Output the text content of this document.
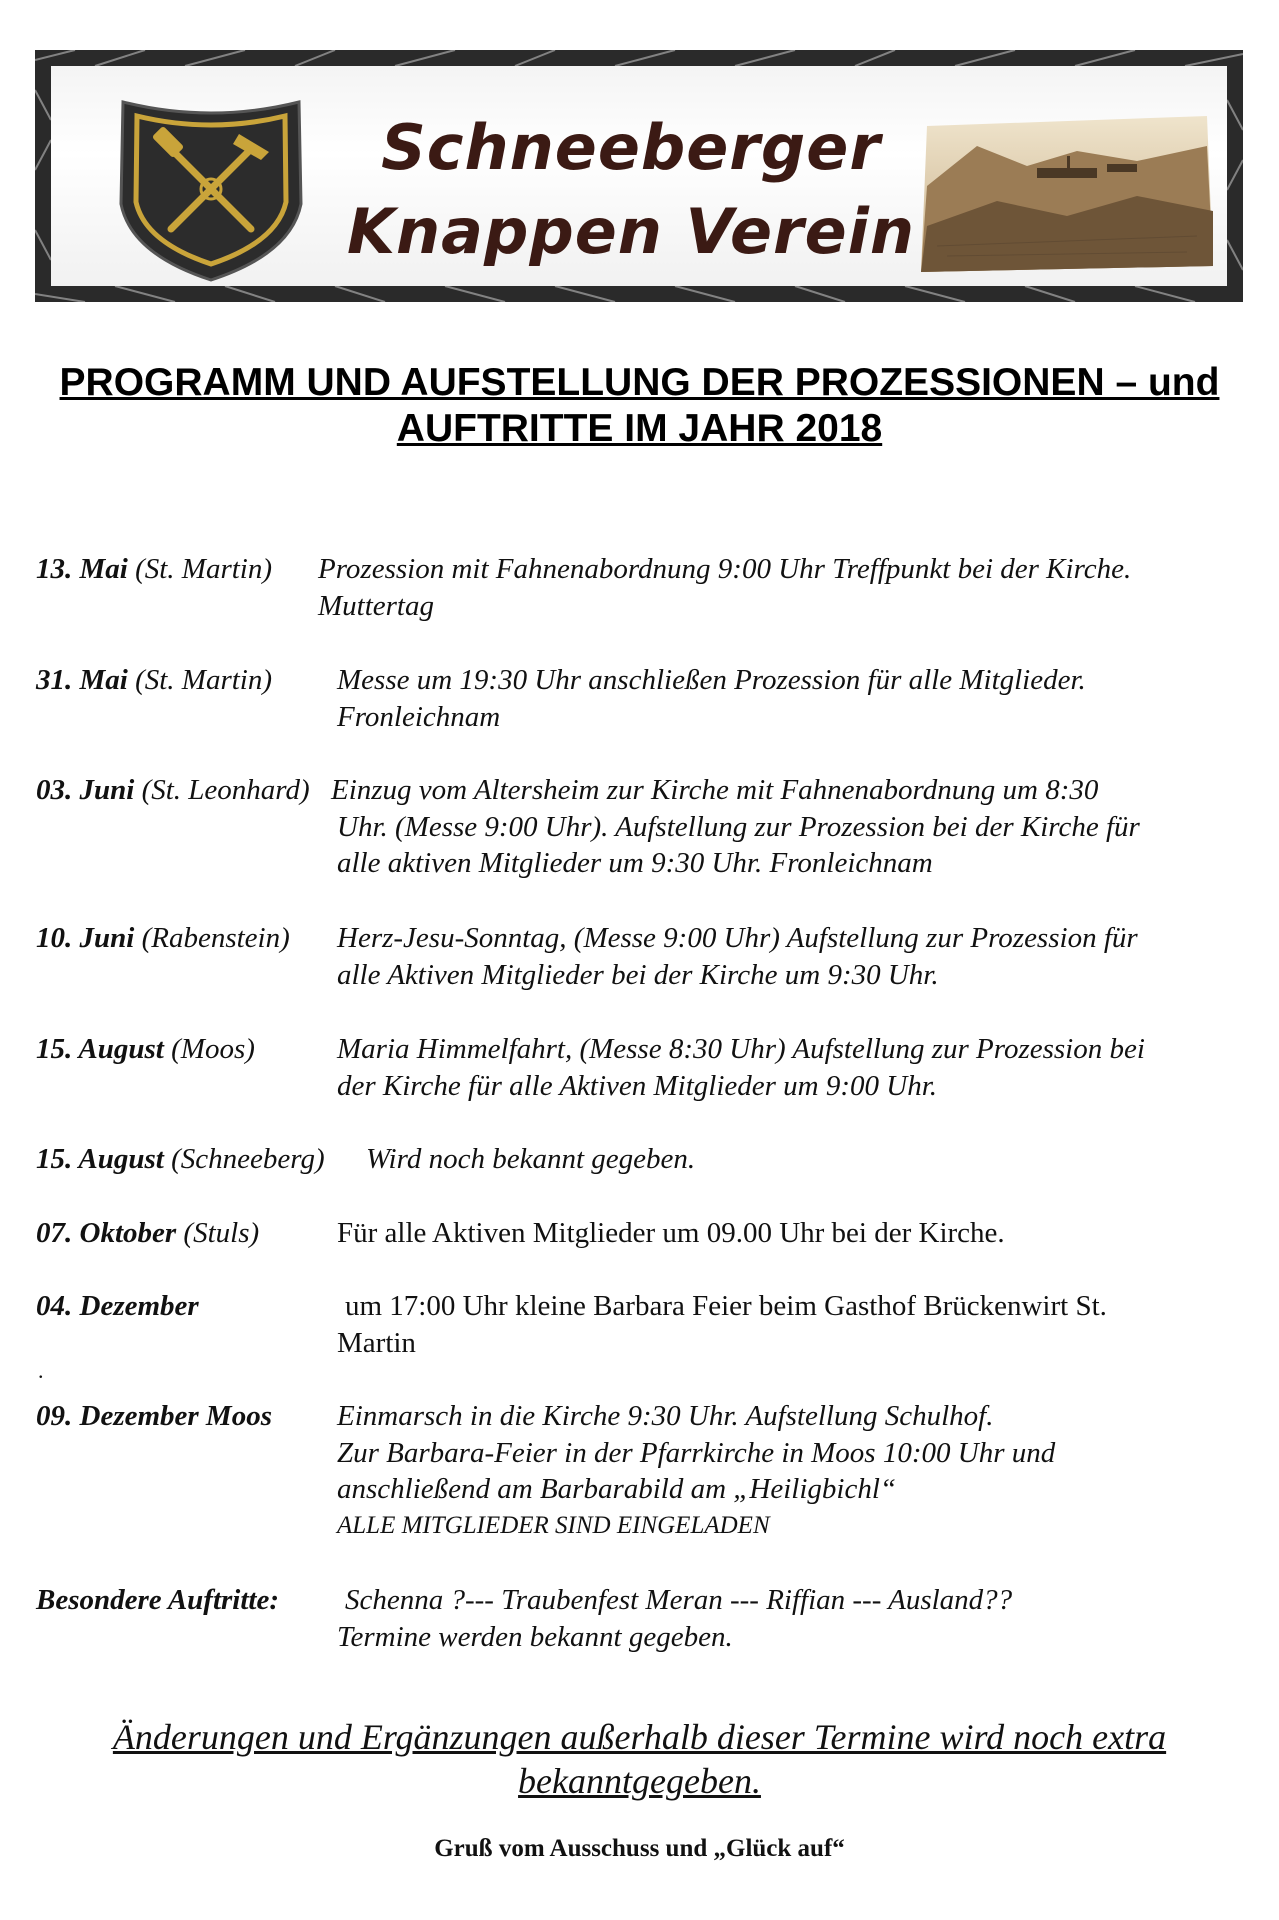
Schneeberger
Knappen Verein
PROGRAMM UND AUFSTELLUNG DER PROZESSIONEN – und
AUFTRITTE IM JAHR 2018
13. Mai (St. Martin) Prozession mit Fahnenabordnung 9:00 Uhr Treffpunkt bei der Kirche.
Muttertag
31. Mai (St. Martin) Messe um 19:30 Uhr anschließen Prozession für alle Mitglieder.
Fronleichnam
03. Juni (St. Leonhard) Einzug vom Altersheim zur Kirche mit Fahnenabordnung um 8:30
Uhr. (Messe 9:00 Uhr). Aufstellung zur Prozession bei der Kirche für
alle aktiven Mitglieder um 9:30 Uhr. Fronleichnam
10. Juni (Rabenstein) Herz-Jesu-Sonntag, (Messe 9:00 Uhr) Aufstellung zur Prozession für
alle Aktiven Mitglieder bei der Kirche um 9:30 Uhr.
15. August (Moos)	Maria Himmelfahrt, (Messe 8:30 Uhr) Aufstellung zur Prozession bei
der Kirche für alle Aktiven Mitglieder um 9:00 Uhr.
15. August (Schneeberg) Wird noch bekannt gegeben.
07. Oktober (Stuls)	Für alle Aktiven Mitglieder um 09.00 Uhr bei der Kirche.
04. Dezember	um 17:00 Uhr kleine Barbara Feier beim Gasthof Brückenwirt St.
Martin
.
09. Dezember Moos Einmarsch in die Kirche 9:30 Uhr. Aufstellung Schulhof.
Zur Barbara-Feier in der Pfarrkirche in Moos 10:00 Uhr und
anschließend am Barbarabild am „Heiligbichl“
ALLE MITGLIEDER SIND EINGELADEN
Besondere Auftritte: Schenna ?--- Traubenfest Meran --- Riffian --- Ausland??
Termine werden bekannt gegeben.
Änderungen und Ergänzungen außerhalb dieser Termine wird noch extra
bekanntgegeben.
Gruß vom Ausschuss und „Glück auf“
